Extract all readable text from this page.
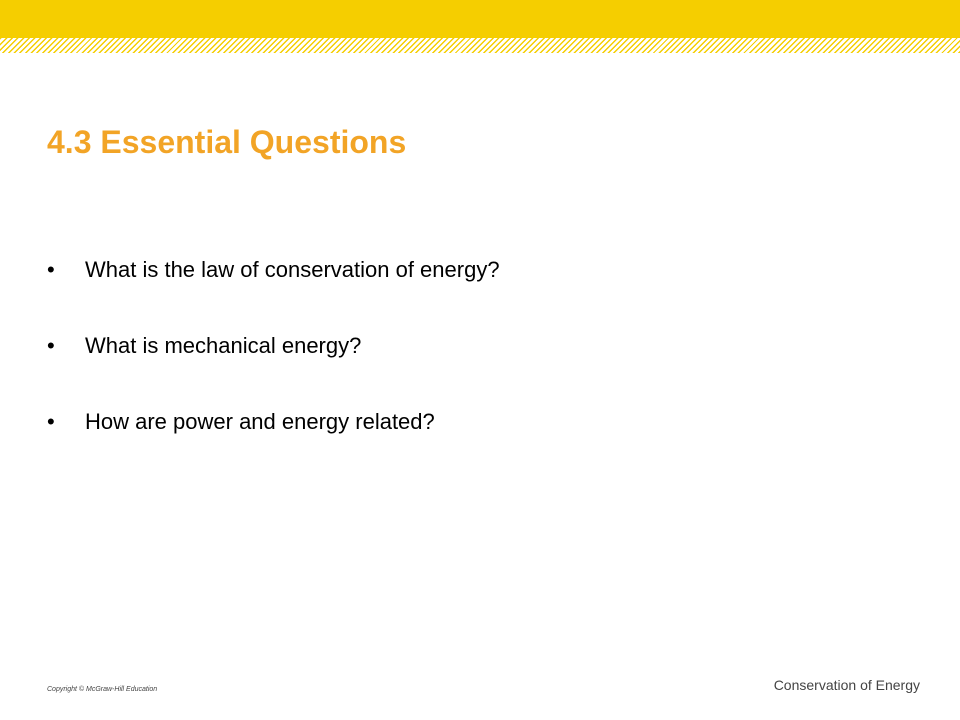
4.3 Essential Questions
• What is the law of conservation of energy?
• What is mechanical energy?
• How are power and energy related?
Copyright © McGraw-Hill Education	Conservation of Energy
